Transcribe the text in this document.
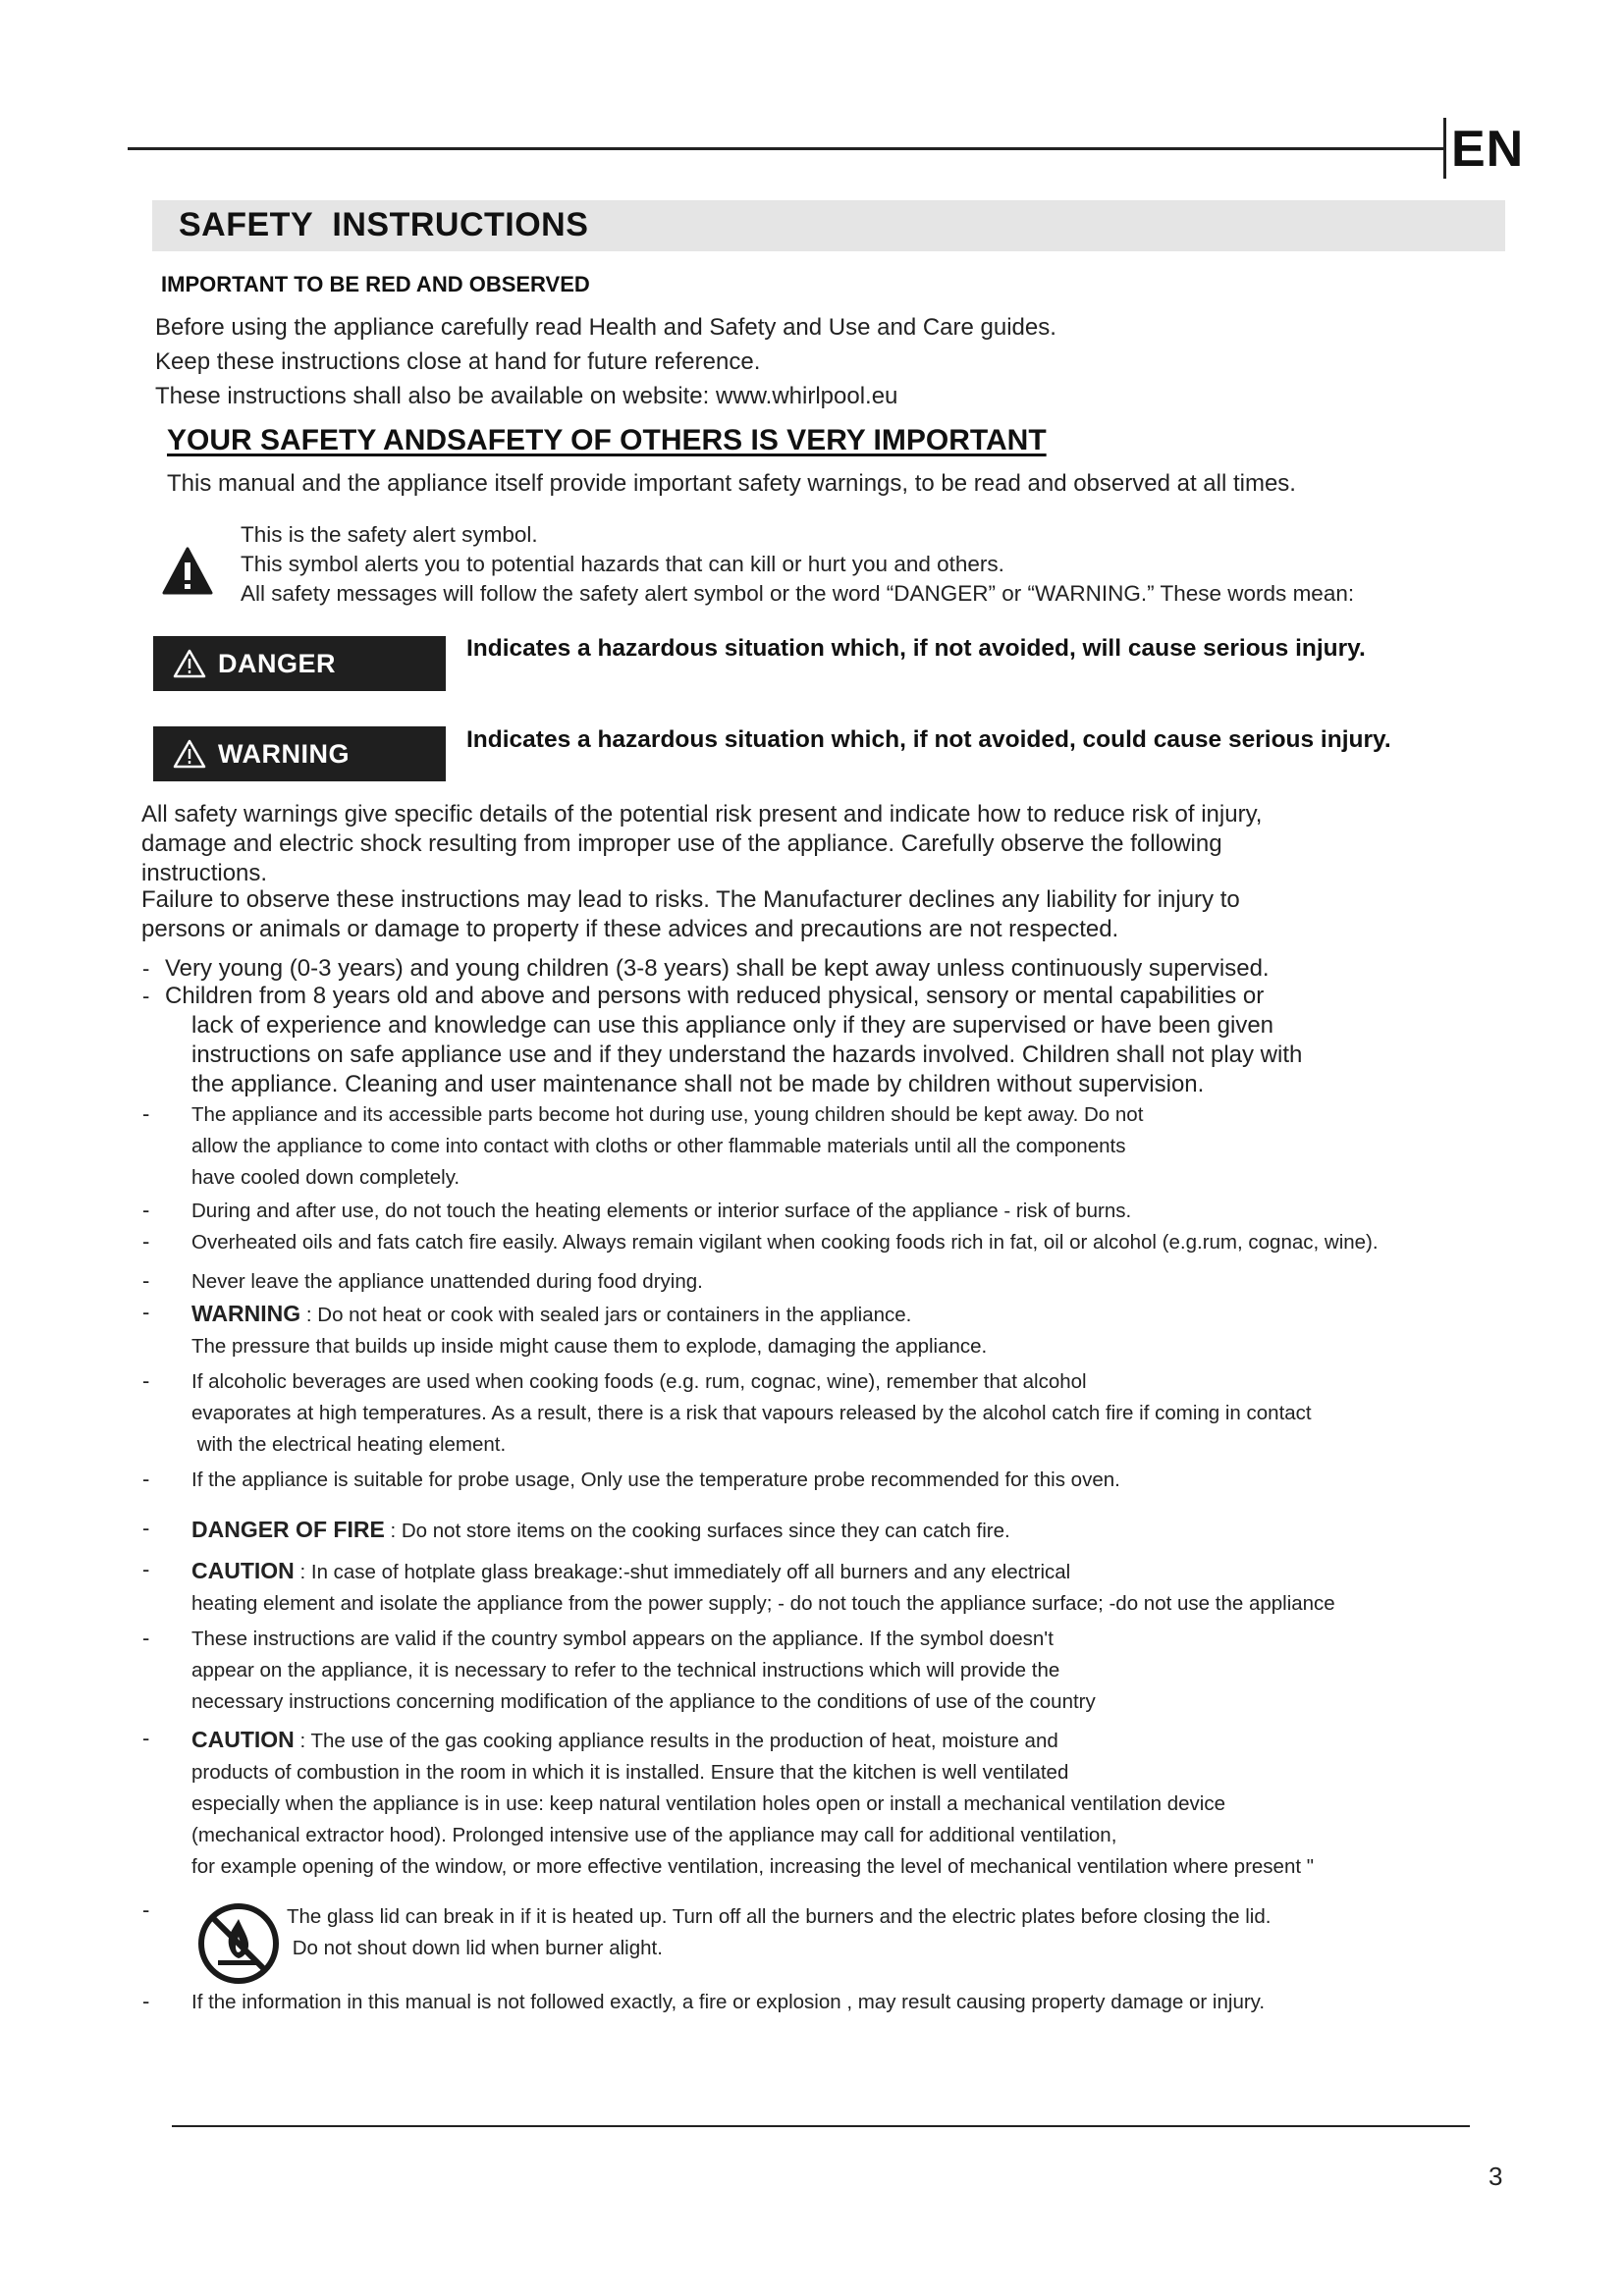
EN
SAFETY  INSTRUCTIONS
IMPORTANT TO BE RED AND OBSERVED
Before using the appliance carefully read Health and Safety and Use and Care guides.
Keep these instructions close at hand for future reference.
These instructions shall also be available on website: www.whirlpool.eu
YOUR SAFETY ANDSAFETY OF OTHERS IS VERY IMPORTANT
This manual and the appliance itself provide important safety warnings, to be read and observed at all times.
This is the safety alert symbol.
This symbol alerts you to potential hazards that can kill or hurt you and others.
All safety messages will follow the safety alert symbol or the word “DANGER” or “WARNING.” These words mean:
DANGER	Indicates a hazardous situation which, if not avoided, will cause serious injury.
WARNING	Indicates a hazardous situation which, if not avoided, could cause serious injury.
All safety warnings give specific details of the potential risk present and indicate how to reduce risk of injury,
damage and electric shock resulting from improper use of the appliance. Carefully observe the following
instructions.
Failure to observe these instructions may lead to risks. The Manufacturer declines any liability for injury to
persons or animals or damage to property if these advices and precautions are not respected.
- Very young (0-3 years) and young children (3-8 years) shall be kept away unless continuously supervised.
- Children from 8 years old and above and persons with reduced physical, sensory or mental capabilities or
lack of experience and knowledge can use this appliance only if they are supervised or have been given
instructions on safe appliance use and if they understand the hazards involved. Children shall not play with
the appliance. Cleaning and user maintenance shall not be made by children without supervision.
- The appliance and its accessible parts become hot during use, young children should be kept away. Do not
allow the appliance to come into contact with cloths or other flammable materials until all the components
have cooled down completely.
- During and after use, do not touch the heating elements or interior surface of the appliance - risk of burns.
- Overheated oils and fats catch fire easily. Always remain vigilant when cooking foods rich in fat, oil or alcohol (e.g.rum, cognac, wine).
- Never leave the appliance unattended during food drying.
- WARNING : Do not heat or cook with sealed jars or containers in the appliance.
The pressure that builds up inside might cause them to explode, damaging the appliance.
- If alcoholic beverages are used when cooking foods (e.g. rum, cognac, wine), remember that alcohol
evaporates at high temperatures. As a result, there is a risk that vapours released by the alcohol catch fire if coming in contact
with the electrical heating element.
- If the appliance is suitable for probe usage, Only use the temperature probe recommended for this oven.
- DANGER OF FIRE : Do not store items on the cooking surfaces since they can catch fire.
- CAUTION : In case of hotplate glass breakage:-shut immediately off all burners and any electrical
heating element and isolate the appliance from the power supply; - do not touch the appliance surface; -do not use the appliance
- These instructions are valid if the country symbol appears on the appliance. If the symbol doesn't
appear on the appliance, it is necessary to refer to the technical instructions which will provide the
necessary instructions concerning modification of the appliance to the conditions of use of the country
- CAUTION : The use of the gas cooking appliance results in the production of heat, moisture and
products of combustion in the room in which it is installed. Ensure that the kitchen is well ventilated
especially when the appliance is in use: keep natural ventilation holes open or install a mechanical ventilation device
(mechanical extractor hood). Prolonged intensive use of the appliance may call for additional ventilation,
for example opening of the window, or more effective ventilation, increasing the level of mechanical ventilation where present "
-	The glass lid can break in if it is heated up. Turn off all the burners and the electric plates before closing the lid.
Do not shout down lid when burner alight.
- If the information in this manual is not followed exactly, a fire or explosion , may result causing property damage or injury.
3
